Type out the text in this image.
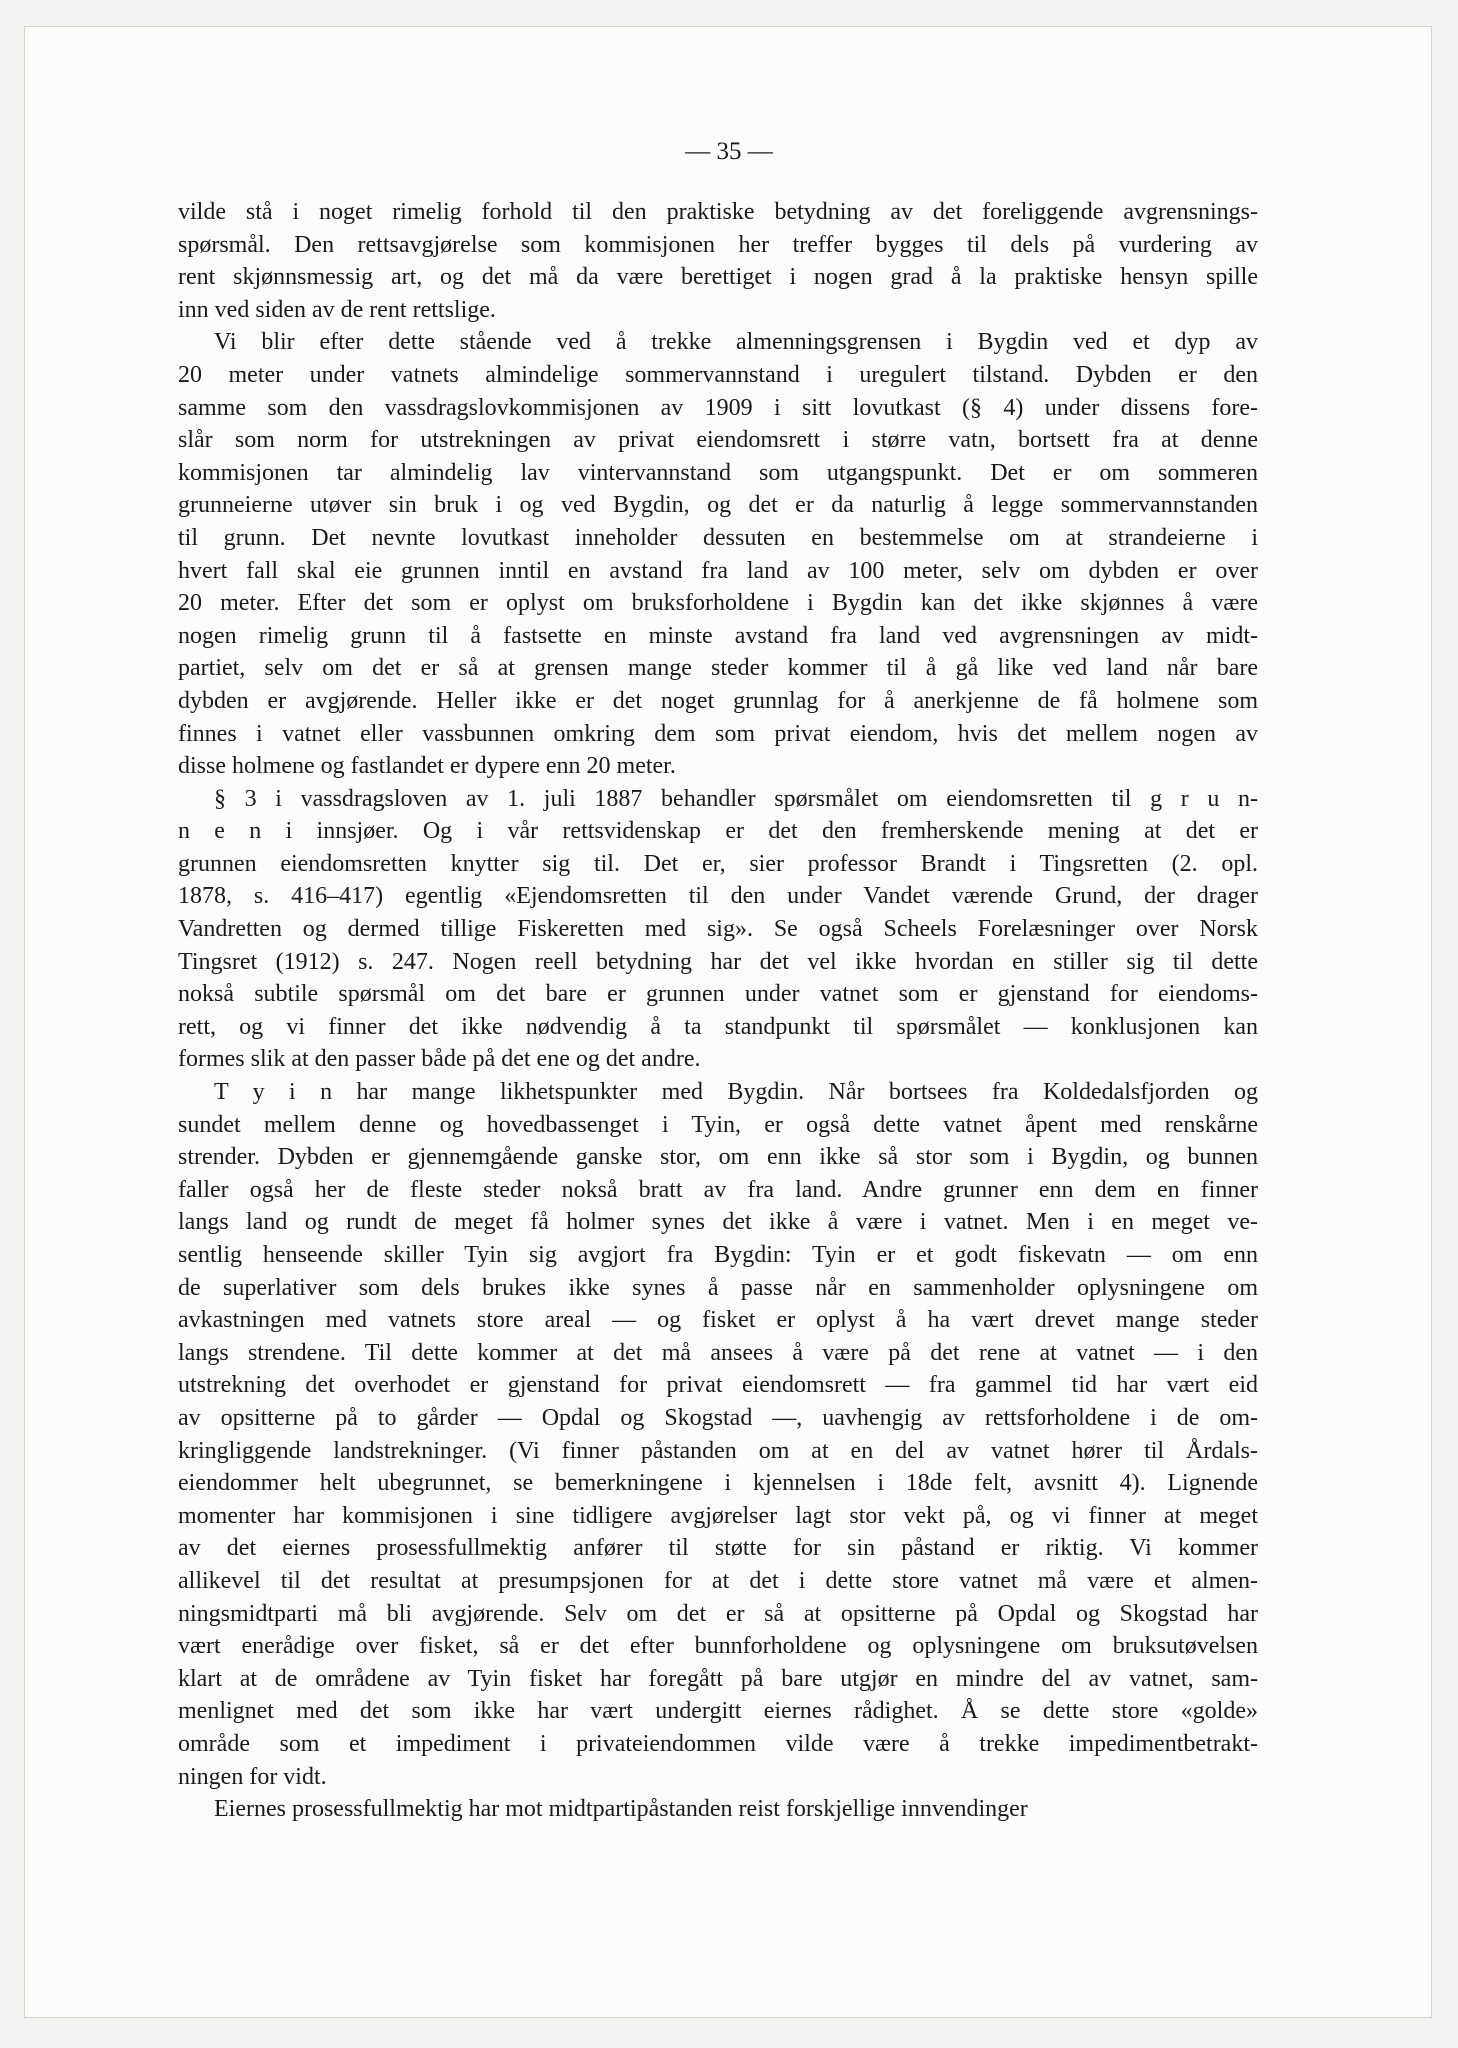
— 35 —
vilde stå i noget rimelig forhold til den praktiske betydning av det foreliggende avgrensnings-
spørsmål. Den rettsavgjørelse som kommisjonen her treffer bygges til dels på vurdering av
rent skjønnsmessig art, og det må da være berettiget i nogen grad å la praktiske hensyn spille
inn ved siden av de rent rettslige.
Vi blir efter dette stående ved å trekke almenningsgrensen i Bygdin ved et dyp av
20 meter under vatnets almindelige sommervannstand i uregulert tilstand. Dybden er den
samme som den vassdragslovkommisjonen av 1909 i sitt lovutkast (§ 4) under dissens fore-
slår som norm for utstrekningen av privat eiendomsrett i større vatn, bortsett fra at denne
kommisjonen tar almindelig lav vintervannstand som utgangspunkt. Det er om sommeren
grunneierne utøver sin bruk i og ved Bygdin, og det er da naturlig å legge sommervannstanden
til grunn. Det nevnte lovutkast inneholder dessuten en bestemmelse om at strandeierne i
hvert fall skal eie grunnen inntil en avstand fra land av 100 meter, selv om dybden er over
20 meter. Efter det som er oplyst om bruksforholdene i Bygdin kan det ikke skjønnes å være
nogen rimelig grunn til å fastsette en minste avstand fra land ved avgrensningen av midt-
partiet, selv om det er så at grensen mange steder kommer til å gå like ved land når bare
dybden er avgjørende. Heller ikke er det noget grunnlag for å anerkjenne de få holmene som
finnes i vatnet eller vassbunnen omkring dem som privat eiendom, hvis det mellem nogen av
disse holmene og fastlandet er dypere enn 20 meter.
§ 3 i vassdragsloven av 1. juli 1887 behandler spørsmålet om eiendomsretten til g r u n-
n e n i innsjøer. Og i vår rettsvidenskap er det den fremherskende mening at det er
grunnen eiendomsretten knytter sig til. Det er, sier professor Brandt i Tingsretten (2. opl.
1878, s. 416–417) egentlig «Ejendomsretten til den under Vandet værende Grund, der drager
Vandretten og dermed tillige Fiskeretten med sig». Se også Scheels Forelæsninger over Norsk
Tingsret (1912) s. 247. Nogen reell betydning har det vel ikke hvordan en stiller sig til dette
nokså subtile spørsmål om det bare er grunnen under vatnet som er gjenstand for eiendoms-
rett, og vi finner det ikke nødvendig å ta standpunkt til spørsmålet — konklusjonen kan
formes slik at den passer både på det ene og det andre.
T y i n har mange likhetspunkter med Bygdin. Når bortsees fra Koldedalsfjorden og
sundet mellem denne og hovedbassenget i Tyin, er også dette vatnet åpent med renskårne
strender. Dybden er gjennemgående ganske stor, om enn ikke så stor som i Bygdin, og bunnen
faller også her de fleste steder nokså bratt av fra land. Andre grunner enn dem en finner
langs land og rundt de meget få holmer synes det ikke å være i vatnet. Men i en meget ve-
sentlig henseende skiller Tyin sig avgjort fra Bygdin: Tyin er et godt fiskevatn — om enn
de superlativer som dels brukes ikke synes å passe når en sammenholder oplysningene om
avkastningen med vatnets store areal — og fisket er oplyst å ha vært drevet mange steder
langs strendene. Til dette kommer at det må ansees å være på det rene at vatnet — i den
utstrekning det overhodet er gjenstand for privat eiendomsrett — fra gammel tid har vært eid
av opsitterne på to gårder — Opdal og Skogstad —, uavhengig av rettsforholdene i de om-
kringliggende landstrekninger. (Vi finner påstanden om at en del av vatnet hører til Årdals-
eiendommer helt ubegrunnet, se bemerkningene i kjennelsen i 18de felt, avsnitt 4). Lignende
momenter har kommisjonen i sine tidligere avgjørelser lagt stor vekt på, og vi finner at meget
av det eiernes prosessfullmektig anfører til støtte for sin påstand er riktig. Vi kommer
allikevel til det resultat at presumpsjonen for at det i dette store vatnet må være et almen-
ningsmidtparti må bli avgjørende. Selv om det er så at opsitterne på Opdal og Skogstad har
vært enerådige over fisket, så er det efter bunnforholdene og oplysningene om bruksutøvelsen
klart at de områdene av Tyin fisket har foregått på bare utgjør en mindre del av vatnet, sam-
menlignet med det som ikke har vært undergitt eiernes rådighet. Å se dette store «golde»
område som et impediment i privateiendommen vilde være å trekke impedimentbetrakt-
ningen for vidt.
Eiernes prosessfullmektig har mot midtpartipåstanden reist forskjellige innvendinger
